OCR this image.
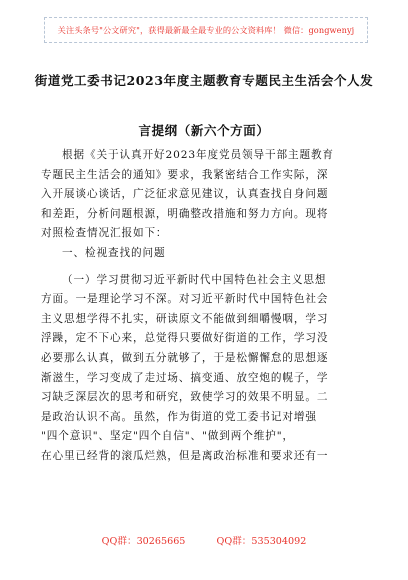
关注头条号"公文研究"，获得最新最全最专业的公文资料库！ 微信：gongwenyj
街道党工委书记2023年度主题教育专题民主生活会个人发
言提纲（新六个方面）
根据《关于认真开好2023年度党员领导干部主题教育
专题民主生活会的通知》要求，我紧密结合工作实际，深
入开展谈心谈话，广泛征求意见建议，认真查找自身问题
和差距，分析问题根源，明确整改措施和努力方向。现将
对照检查情况汇报如下：
一、检视查找的问题
（一）学习贯彻习近平新时代中国特色社会主义思想
方面。一是理论学习不深。对习近平新时代中国特色社会
主义思想学得不扎实，研读原文不能做到细嚼慢咽，学习
浮躁，定不下心来，总觉得只要做好街道的工作，学习没
必要那么认真，做到五分就够了，于是松懈懈怠的思想逐
渐滋生，学习变成了走过场、搞变通、放空炮的幌子，学
习缺乏深层次的思考和研究，致使学习的效果不明显。二
是政治认识不高。虽然，作为街道的党工委书记对增强
"四个意识"、坚定"四个自信"、"做到两个维护"，
在心里已经背的滚瓜烂熟，但是离政治标准和要求还有一
QQ群：30265665	QQ群：535304092
